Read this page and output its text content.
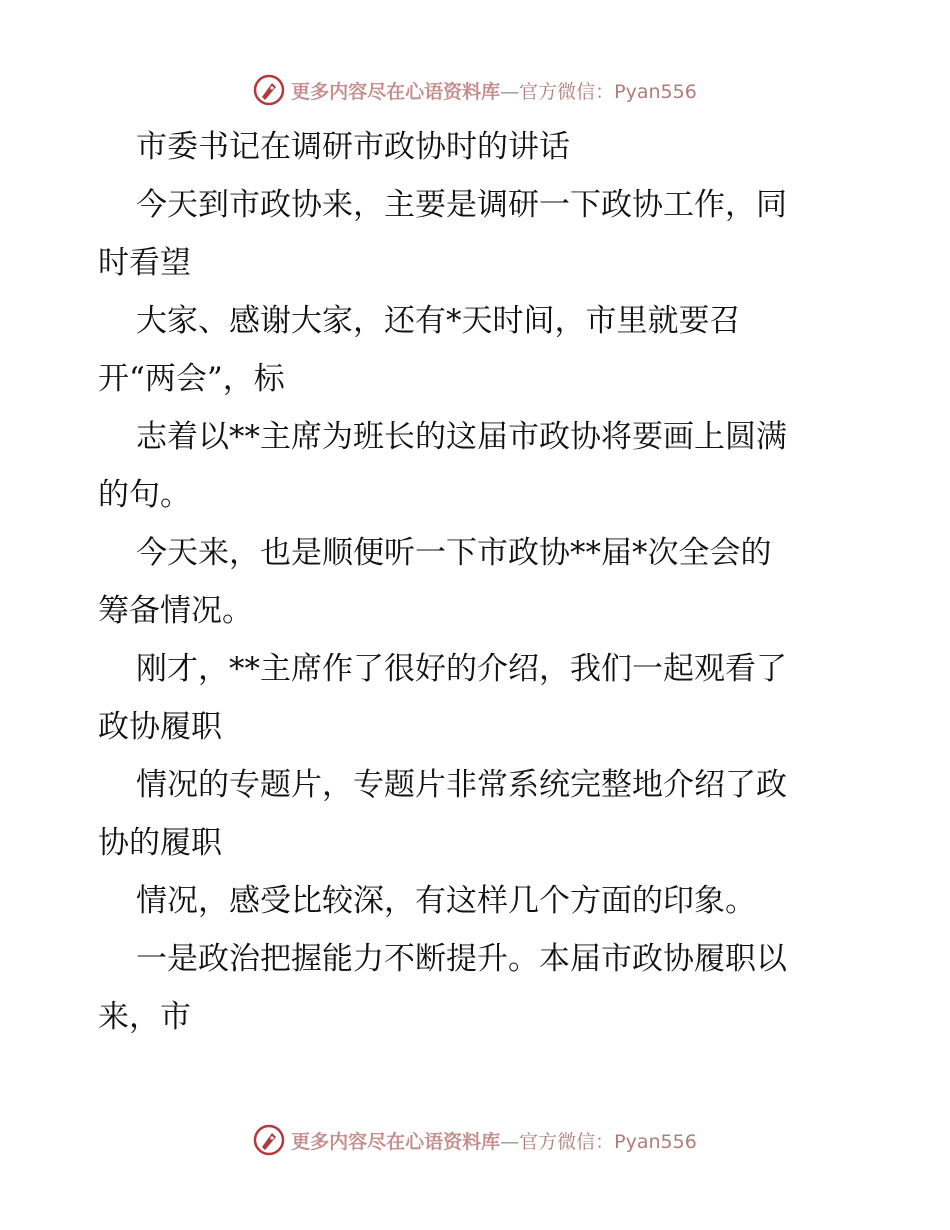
更多内容尽在心语资料库—官方微信：Pyan556
市委书记在调研市政协时的讲话
今天到市政协来，主要是调研一下政协工作，同
时看望
大家、感谢大家，还有*天时间，市里就要召
开“两会”，标
志着以**主席为班长的这届市政协将要画上圆满
的句。
今天来，也是顺便听一下市政协**届*次全会的
筹备情况。
刚才，**主席作了很好的介绍，我们一起观看了
政协履职
情况的专题片，专题片非常系统完整地介绍了政
协的履职
情况，感受比较深，有这样几个方面的印象。
一是政治把握能力不断提升。本届市政协履职以
来，市
更多内容尽在心语资料库—官方微信：Pyan556
